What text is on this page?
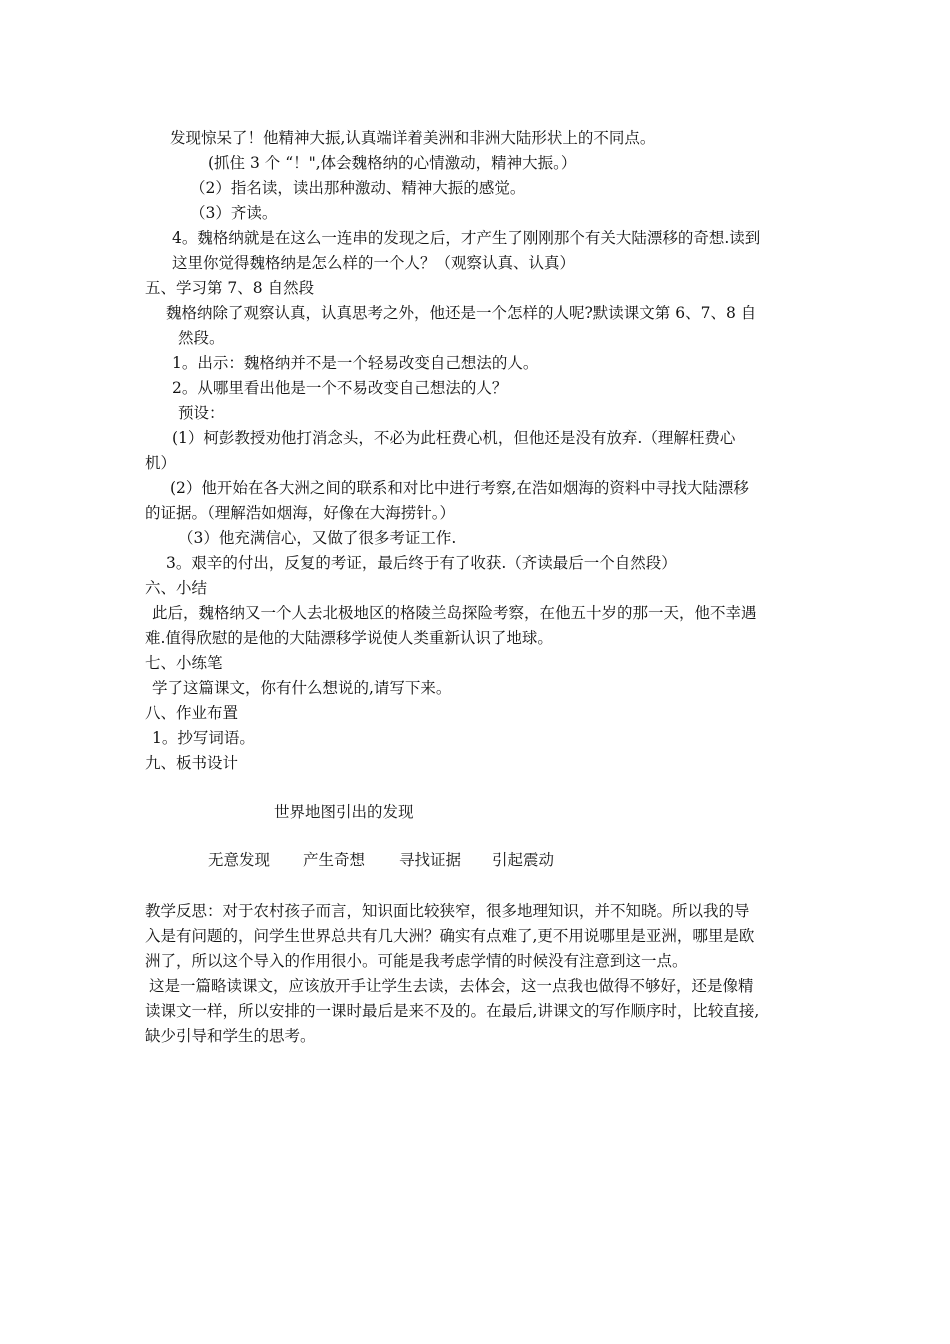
发现惊呆了！他精神大振,认真端详着美洲和非洲大陆形状上的不同点。
(抓住 3 个 “！",体会魏格纳的心情激动，精神大振。）
（2）指名读，读出那种激动、精神大振的感觉。
（3）齐读。
4。魏格纳就是在这么一连串的发现之后，才产生了刚刚那个有关大陆漂移的奇想.读到
这里你觉得魏格纳是怎么样的一个人？（观察认真、认真）
五、学习第 7、8 自然段
魏格纳除了观察认真，认真思考之外，他还是一个怎样的人呢?默读课文第 6、7、8 自
然段。
1。出示：魏格纳并不是一个轻易改变自己想法的人。
2。从哪里看出他是一个不易改变自己想法的人？
预设：
(1）柯彭教授劝他打消念头，不必为此枉费心机，但他还是没有放弃.（理解枉费心
机）
(2）他开始在各大洲之间的联系和对比中进行考察,在浩如烟海的资料中寻找大陆漂移
的证据。（理解浩如烟海，好像在大海捞针。）
（3）他充满信心，又做了很多考证工作.
3。艰辛的付出，反复的考证，最后终于有了收获.（齐读最后一个自然段）
六、小结
此后，魏格纳又一个人去北极地区的格陵兰岛探险考察，在他五十岁的那一天，他不幸遇
难.值得欣慰的是他的大陆漂移学说使人类重新认识了地球。
七、小练笔
学了这篇课文，你有什么想说的,请写下来。
八、作业布置
1。抄写词语。
九、板书设计
世界地图引出的发现
无意发现 产生奇想 寻找证据 引起震动
教学反思：对于农村孩子而言，知识面比较狭窄，很多地理知识，并不知晓。所以我的导
入是有问题的，问学生世界总共有几大洲？确实有点难了,更不用说哪里是亚洲，哪里是欧
洲了，所以这个导入的作用很小。可能是我考虑学情的时候没有注意到这一点。
这是一篇略读课文，应该放开手让学生去读，去体会，这一点我也做得不够好，还是像精
读课文一样，所以安排的一课时最后是来不及的。在最后,讲课文的写作顺序时，比较直接,
缺少引导和学生的思考。
